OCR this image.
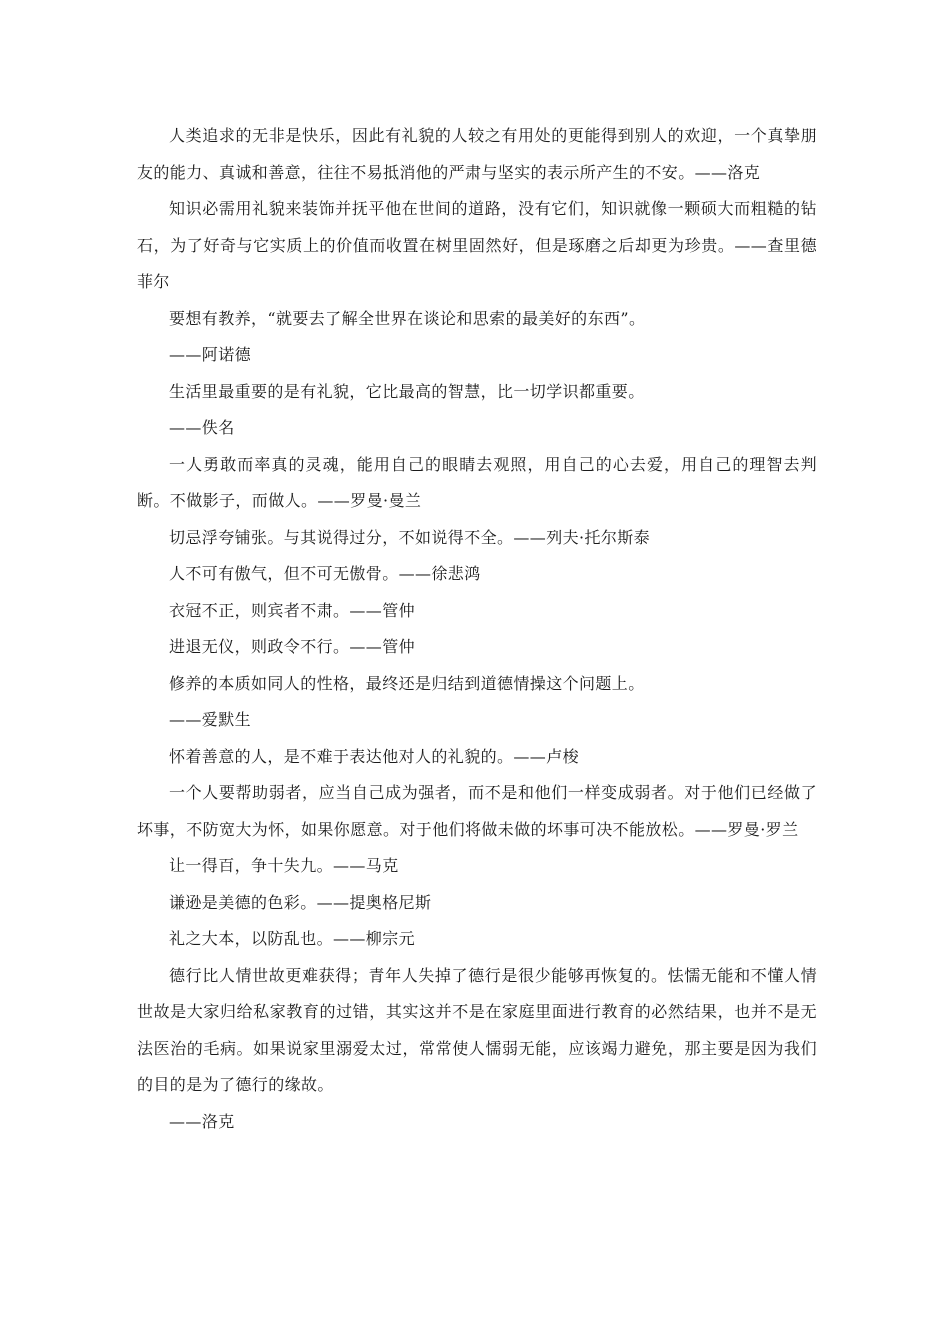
人类追求的无非是快乐，因此有礼貌的人较之有用处的更能得到别人的欢迎，一个真挚朋友的能力、真诚和善意，往往不易抵消他的严肃与坚实的表示所产生的不安。——洛克

知识必需用礼貌来装饰并抚平他在世间的道路，没有它们，知识就像一颗硕大而粗糙的钻石，为了好奇与它实质上的价值而收置在树里固然好，但是琢磨之后却更为珍贵。——查里德菲尔

要想有教养，“就要去了解全世界在谈论和思索的最美好的东西”。

——阿诺德

生活里最重要的是有礼貌，它比最高的智慧，比一切学识都重要。

——佚名

一人勇敢而率真的灵魂，能用自己的眼睛去观照，用自己的心去爱，用自己的理智去判断。不做影子，而做人。——罗曼·曼兰

切忌浮夸铺张。与其说得过分，不如说得不全。——列夫·托尔斯泰

人不可有傲气，但不可无傲骨。——徐悲鸿

衣冠不正，则宾者不肃。——管仲

进退无仪，则政令不行。——管仲

修养的本质如同人的性格，最终还是归结到道德情操这个问题上。

——爱默生

怀着善意的人，是不难于表达他对人的礼貌的。——卢梭

一个人要帮助弱者，应当自己成为强者，而不是和他们一样变成弱者。对于他们已经做了坏事，不防宽大为怀，如果你愿意。对于他们将做未做的坏事可决不能放松。——罗曼·罗兰

让一得百，争十失九。——马克

谦逊是美德的色彩。——提奥格尼斯

礼之大本，以防乱也。——柳宗元

德行比人情世故更难获得；青年人失掉了德行是很少能够再恢复的。怯懦无能和不懂人情世故是大家归给私家教育的过错，其实这并不是在家庭里面进行教育的必然结果，也并不是无法医治的毛病。如果说家里溺爱太过，常常使人懦弱无能，应该竭力避免，那主要是因为我们的目的是为了德行的缘故。

——洛克
